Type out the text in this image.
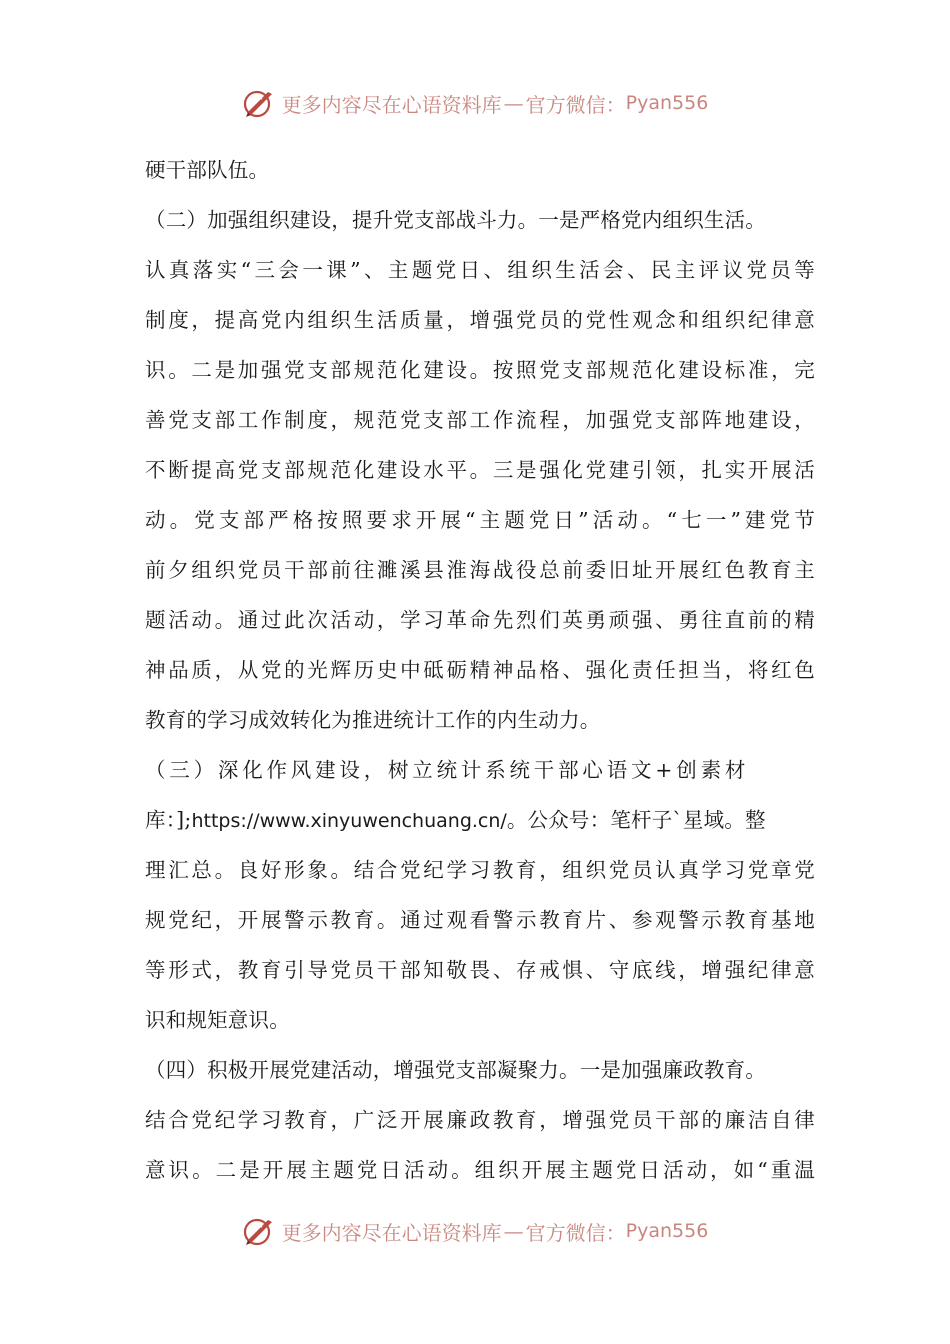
更多内容尽在心语资料库 — 官方微信： Pyan556
硬干部队伍。
（二）加强组织建设，提升党支部战斗力。一是严格党内组织生活。
认真落实“三会一课”、主题党日、组织生活会、民主评议党员等
制度，提高党内组织生活质量，增强党员的党性观念和组织纪律意
识。二是加强党支部规范化建设。按照党支部规范化建设标准，完
善党支部工作制度，规范党支部工作流程，加强党支部阵地建设，
不断提高党支部规范化建设水平。三是强化党建引领，扎实开展活
动。党支部严格按照要求开展“主题党日”活动。“七一”建党节
前夕组织党员干部前往濉溪县淮海战役总前委旧址开展红色教育主
题活动。通过此次活动，学习革命先烈们英勇顽强、勇往直前的精
神品质，从党的光辉历史中砥砺精神品格、强化责任担当，将红色
教育的学习成效转化为推进统计工作的内生动力。
（三）深化作风建设，树立统计系统干部心语文+创素材
库：];https://www.xinyuwenchuang.cn/。公众号：笔杆子`星域。整
理汇总。良好形象。结合党纪学习教育，组织党员认真学习党章党
规党纪，开展警示教育。通过观看警示教育片、参观警示教育基地
等形式，教育引导党员干部知敬畏、存戒惧、守底线，增强纪律意
识和规矩意识。
（四）积极开展党建活动，增强党支部凝聚力。一是加强廉政教育。
结合党纪学习教育，广泛开展廉政教育，增强党员干部的廉洁自律
意识。二是开展主题党日活动。组织开展主题党日活动，如“重温
更多内容尽在心语资料库 — 官方微信： Pyan556
